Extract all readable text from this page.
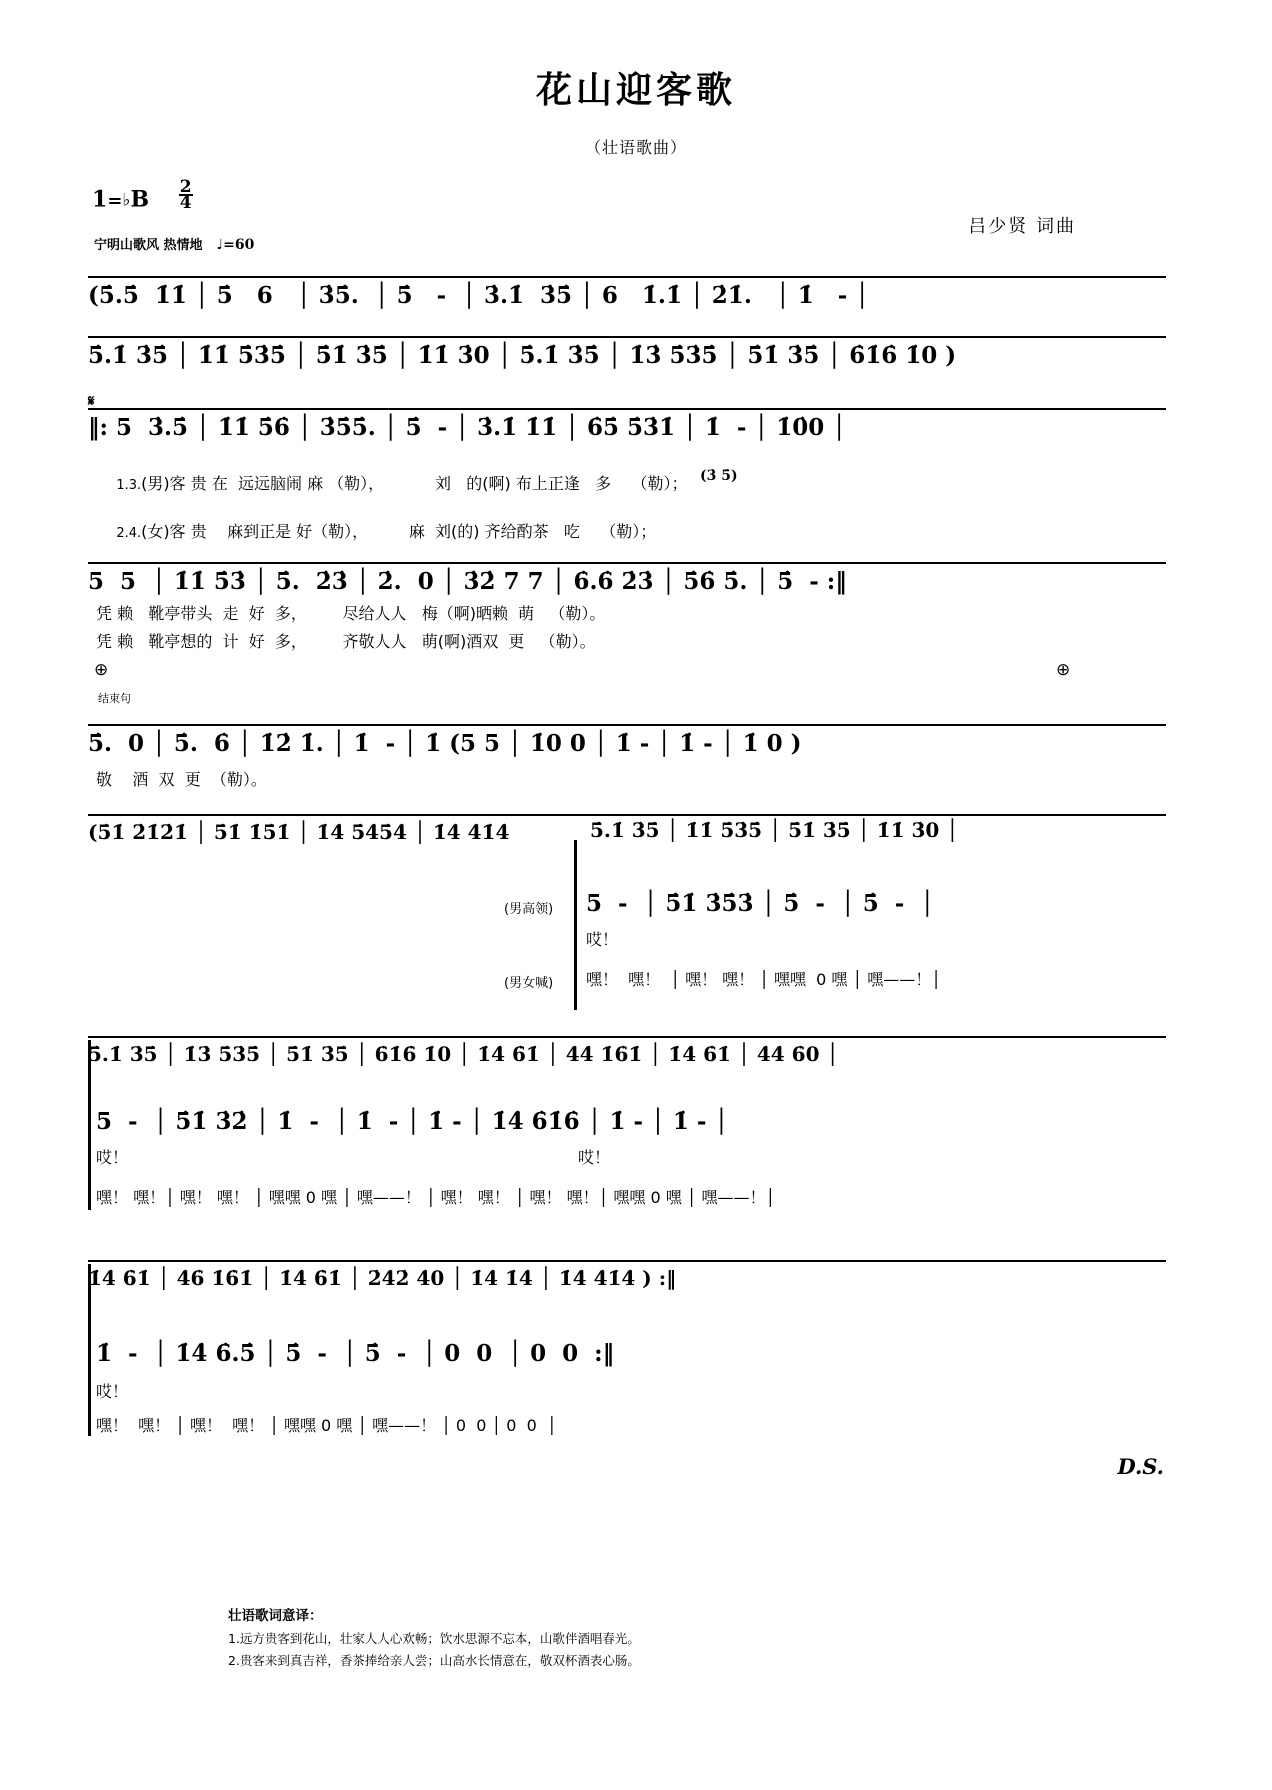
花山迎客歌
（壮语歌曲）
吕少贤 词曲
1=♭B $\frac{2}{4}$
宁明山歌风 热情地 ♩=60
(5̇.5̇  1̇1̇ │ 5̇   6   │ 3̇5̇.  │ 5̇   -  │ 3̇.1̇  3̇5̇ │ 6   1̇.1̇ │ 2̇1̇.   │ 1̇   - │
5̇.1̇ 3̇5̇ │ 1̇1̇ 5̇3̇5̇ │ 5̇1̇ 3̇5̇ │ 1̇1̇ 3̇0 │ 5̇.1̇ 3̇5̇ │ 1̇3̇ 5̇3̇5̇ │ 5̇1̇ 3̇5̇ │ 6̇1̇6̇ 1̇0 )
𝄋
‖: 5  3̇.5̇ │ 1̇1̇ 5̇6̇ │ 3̇5̇5̇. │ 5̇  - │ 3̇.1̇ 1̇1̇ │ 6̇5̇ 5̇3̇1̇ │ 1̇  - │ 1̇0̇0 │
(3̇ 5̇)

1.3.(男)客 贵 在  远远脑闹 麻 （勒），          刘   的(啊) 布上正逢   多    （勒）；

2.4.(女)客 贵    麻到正是 好（勒），        麻  刘(的) 齐给酌茶   吃    （勒）；

5  5  │ 1̇1̇ 5̇3̇ │ 5̇.  2̇3̇ │ 2̇.  0 │ 3̇2̇ 7 7 │ 6̇.6̇ 2̇3̇ │ 5̇6̇ 5̇. │ 5̇  - :‖
凭 赖   靴亭带头  走  好  多，       尽给人人   梅（啊)晒赖  萌   （勒）。
凭 赖   靴亭想的  计  好  多，       齐敬人人   萌(啊)酒双  更   （勒）。
⊕	⊕
结束句
5̇.  0 │ 5̇.  6̇ │ 1̇2̇ 1̇. │ 1̇  - │ 1̇ (5 5 │ 1̇0 0 │ 1̇ - │ 1̇ - │ 1̇ 0 )
敬    酒  双  更  （勒）。
(5̇1̇ 2̇1̇2̇1̇ │ 5̇1̇ 1̇5̇1̇ │ 1̇4̇ 5̇4̇5̇4̇ │ 1̇4̇ 4̇1̇4̇	5̇.1̇ 3̇5̇ │ 1̇1̇ 5̇3̇5̇ │ 5̇1̇ 3̇5̇ │ 1̇1̇ 3̇0 │
(男高领) 5  -  │ 5̇1̇ 3̇5̇3̇ │ 5̇  -  │ 5̇  -  │
哎！
(男女喊) 嘿！  嘿！  │ 嘿！ 嘿！ │ 嘿嘿  0 嘿 │ 嘿——！│
5̇.1̇ 3̇5̇ │ 1̇3̇ 5̇3̇5̇ │ 5̇1̇ 3̇5̇ │ 6̇1̇6̇ 1̇0 │ 1̇4̇ 6̇1̇ │ 4̇4̇ 1̇6̇1̇ │ 1̇4̇ 6̇1̇ │ 4̇4̇ 6̇0 │
5  -  │ 5̇1̇ 3̇2̇ │ 1̇  -  │ 1̇  - │ 1̇ - │ 1̇4̇ 6̇1̇6̇ │ 1̇ - │ 1̇ - │
哎！	哎！
嘿！ 嘿！│ 嘿！ 嘿！ │ 嘿嘿 0 嘿 │ 嘿——！ │ 嘿！ 嘿！ │ 嘿！ 嘿！│ 嘿嘿 0 嘿 │ 嘿——！│
1̇4̇ 6̇1̇ │ 4̇6̇ 1̇6̇1̇ │ 1̇4̇ 6̇1̇ │ 2̇4̇2̇ 4̇0 │ 1̇4̇ 1̇4̇ │ 1̇4̇ 4̇1̇4̇ ) :‖
1̇  -  │ 1̇4̇ 6̇.5̇ │ 5̇  -  │ 5̇  -  │ 0  0  │ 0  0  :‖
哎！
嘿！  嘿！ │ 嘿！  嘿！ │ 嘿嘿 0 嘿 │ 嘿——！ │ 0  0 │ 0  0  │
D.S.
壮语歌词意译：
1.远方贵客到花山，壮家人人心欢畅；饮水思源不忘本，山歌伴酒唱春光。
2.贵客来到真吉祥，香茶捧给亲人尝；山高水长情意在，敬双杯酒表心肠。
